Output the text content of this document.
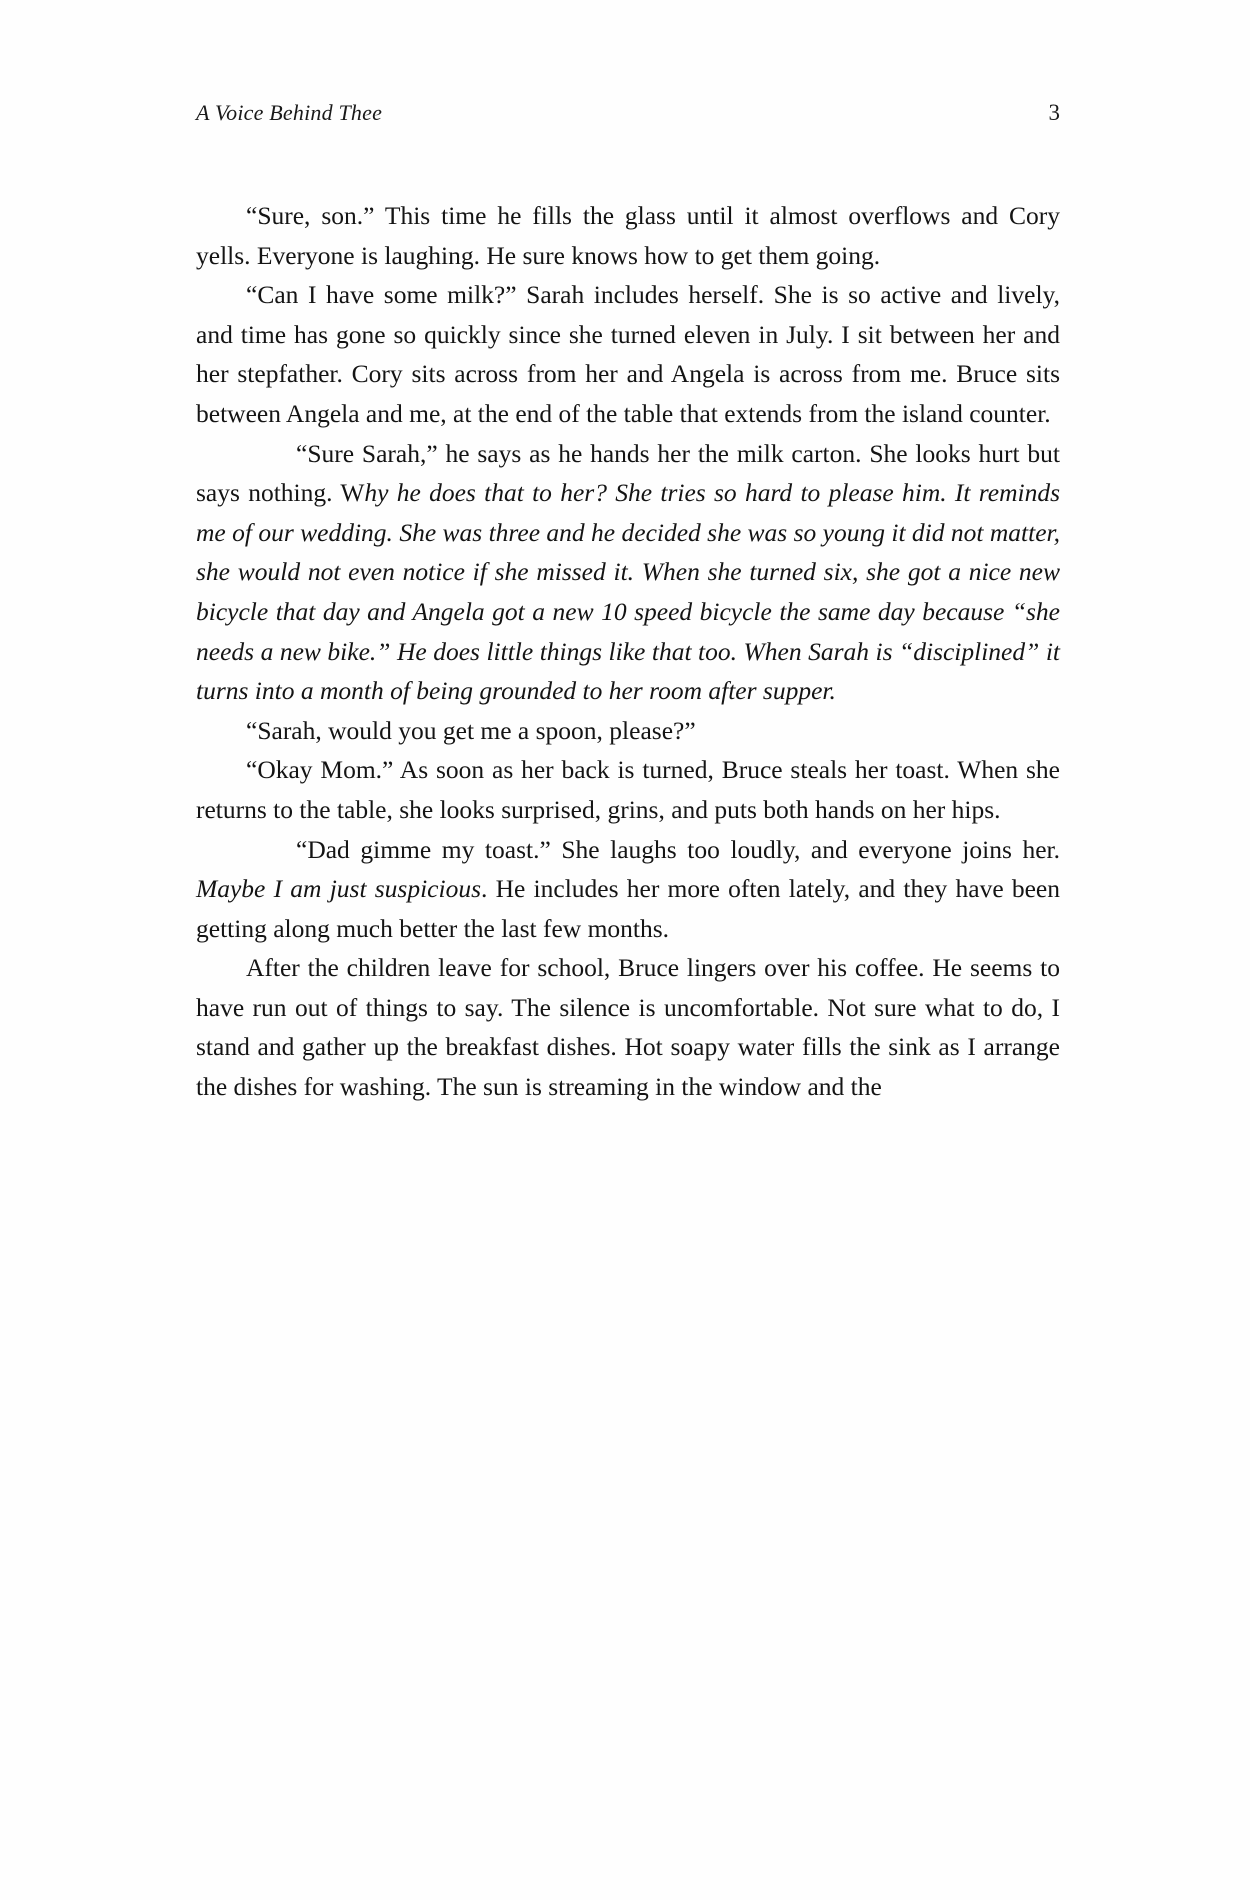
A Voice Behind Thee	3

“Sure, son.” This time he fills the glass until it almost overflows and Cory yells. Everyone is laughing. He sure knows how to get them going.

“Can I have some milk?” Sarah includes herself. She is so active and lively, and time has gone so quickly since she turned eleven in July. I sit between her and her stepfather. Cory sits across from her and Angela is across from me. Bruce sits between Angela and me, at the end of the table that extends from the island counter.

“Sure Sarah,” he says as he hands her the milk carton. She looks hurt but says nothing. Why he does that to her? She tries so hard to please him. It reminds me of our wedding. She was three and he decided she was so young it did not matter, she would not even notice if she missed it. When she turned six, she got a nice new bicycle that day and Angela got a new 10 speed bicycle the same day because “she needs a new bike.” He does little things like that too. When Sarah is “disciplined” it turns into a month of being grounded to her room after supper.

“Sarah, would you get me a spoon, please?”

“Okay Mom.” As soon as her back is turned, Bruce steals her toast. When she returns to the table, she looks surprised, grins, and puts both hands on her hips.

“Dad gimme my toast.” She laughs too loudly, and everyone joins her. Maybe I am just suspicious. He includes her more often lately, and they have been getting along much better the last few months.

After the children leave for school, Bruce lingers over his coffee. He seems to have run out of things to say. The silence is uncomfortable. Not sure what to do, I stand and gather up the breakfast dishes. Hot soapy water fills the sink as I arrange the dishes for washing. The sun is streaming in the window and the
